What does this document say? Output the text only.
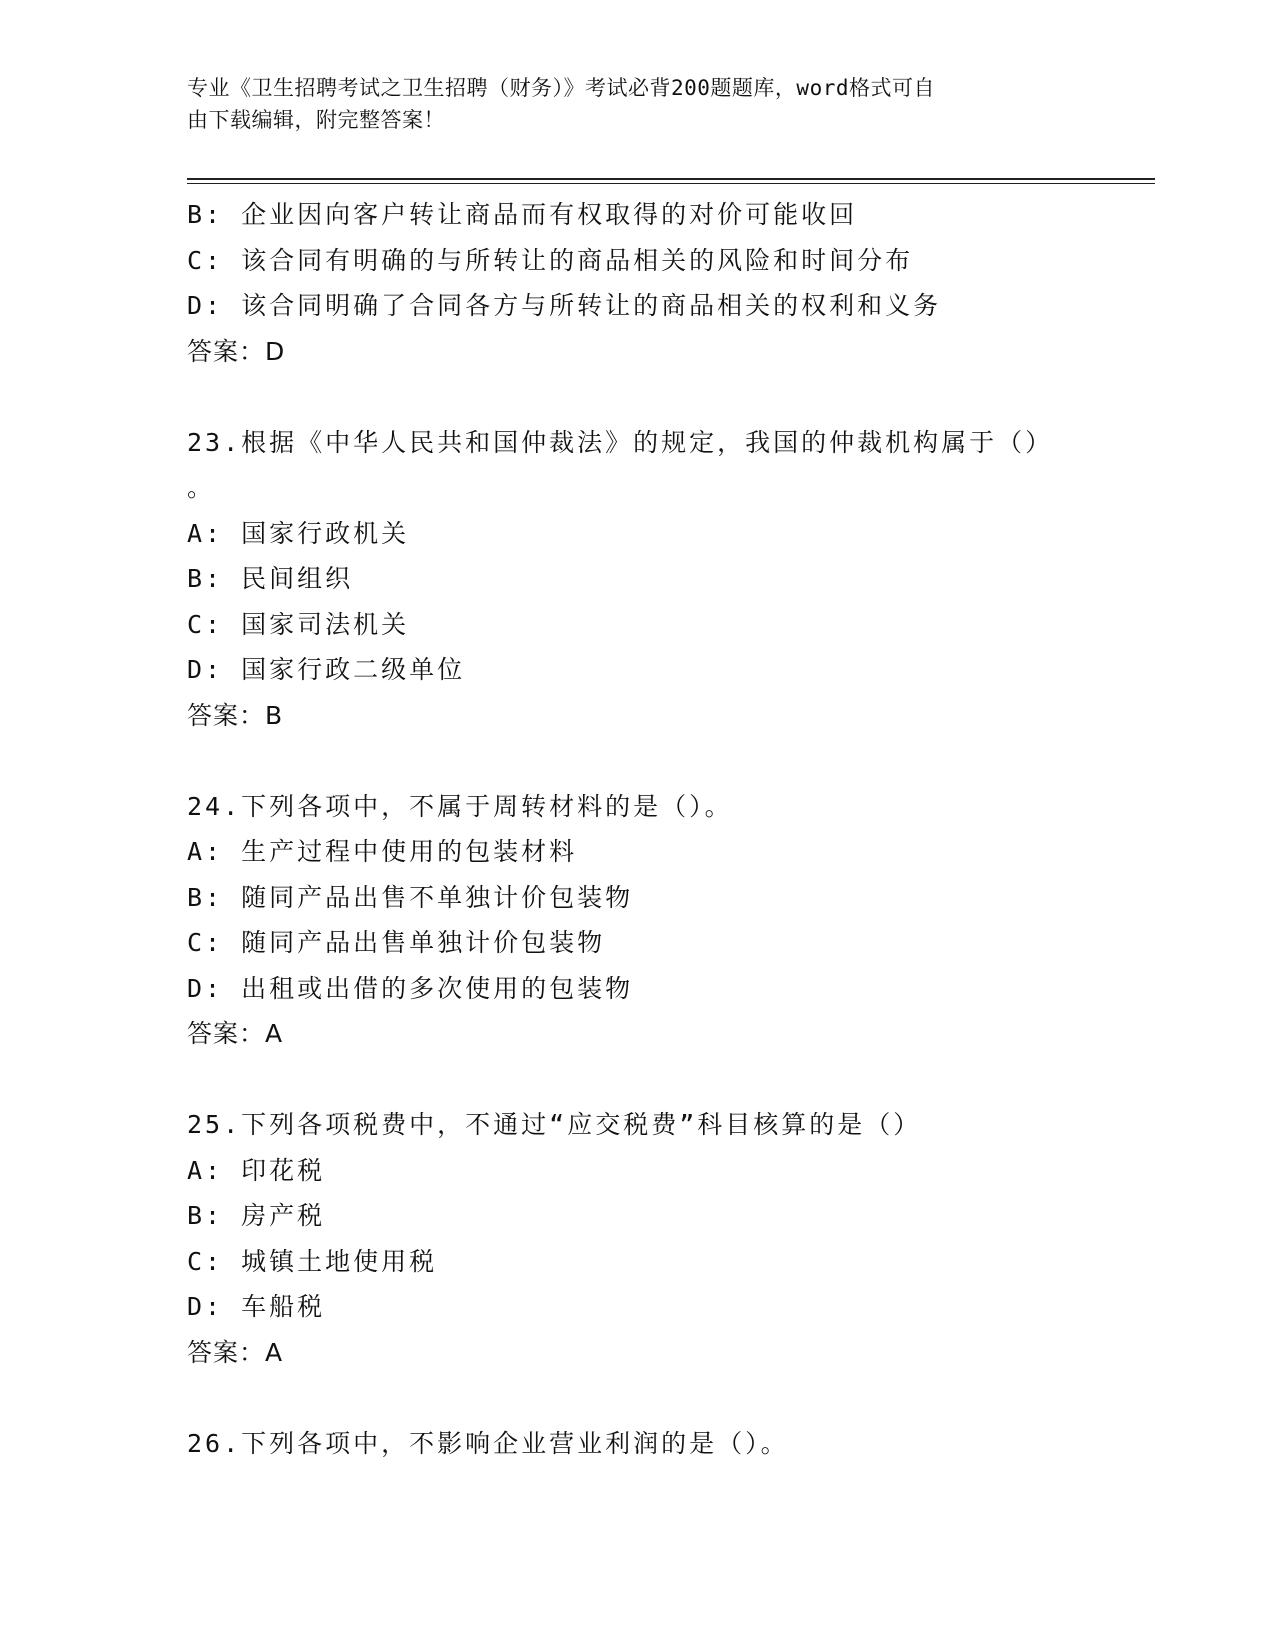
专业《卫生招聘考试之卫生招聘（财务）》考试必背200题题库，word格式可自
由下载编辑，附完整答案！
B: 企业因向客户转让商品而有权取得的对价可能收回
C: 该合同有明确的与所转让的商品相关的风险和时间分布
D: 该合同明确了合同各方与所转让的商品相关的权利和义务
答案：D
23.根据《中华人民共和国仲裁法》的规定，我国的仲裁机构属于（）
。
A: 国家行政机关
B: 民间组织
C: 国家司法机关
D: 国家行政二级单位
答案：B
24.下列各项中，不属于周转材料的是（）。
A: 生产过程中使用的包装材料
B: 随同产品出售不单独计价包装物
C: 随同产品出售单独计价包装物
D: 出租或出借的多次使用的包装物
答案：A
25.下列各项税费中，不通过“应交税费”科目核算的是（）
A: 印花税
B: 房产税
C: 城镇土地使用税
D: 车船税
答案：A
26.下列各项中，不影响企业营业利润的是（）。
